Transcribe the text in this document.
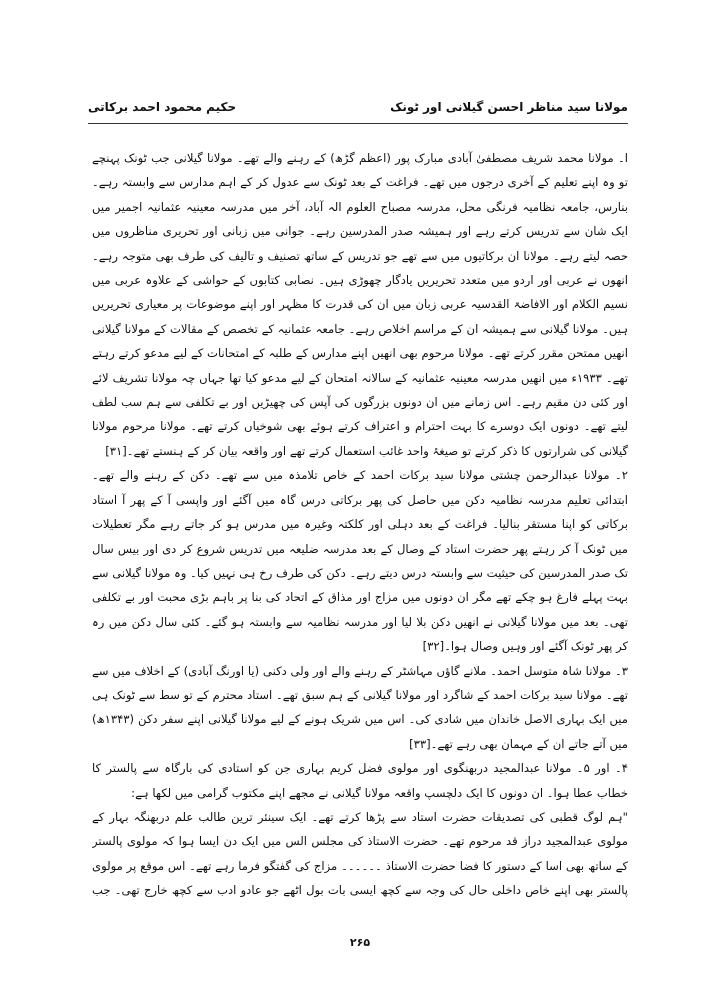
حکیم محمود احمد برکاتی	مولانا سید مناظر احسن گیلانی اور ٹونک

ا۔ مولانا محمد شریف مصطفیٰ آبادی مبارک پور (اعظم گڑھ) کے رہنے والے تھے۔ مولانا گیلانی جب ٹونک پہنچے تو وہ اپنے تعلیم کے آخری درجوں میں تھے۔ فراغت کے بعد ٹونک سے عدول کر کے اہم مدارس سے وابستہ رہے۔ بنارس، جامعہ نظامیہ فرنگی محل، مدرسہ مصباح العلوم الہ آباد، آخر میں مدرسہ معینیہ عثمانیہ اجمیر میں ایک شان سے تدریس کرتے رہے اور ہمیشہ صدر المدرسین رہے۔ جوانی میں زبانی اور تحریری مناظروں میں حصہ لیتے رہے۔ مولانا ان برکاتیوں میں سے تھے جو تدریس کے ساتھ تصنیف و تالیف کی طرف بھی متوجہ رہے۔ انھوں نے عربی اور اردو میں متعدد تحریریں یادگار چھوڑی ہیں۔ نصابی کتابوں کے حواشی کے علاوہ عربی میں نسیم الکلام اور الافاضۃ القدسیہ عربی زبان میں ان کی قدرت کا مظہر اور اپنے موضوعات پر معیاری تحریریں ہیں۔ مولانا گیلانی سے ہمیشہ ان کے مراسم اخلاص رہے۔ جامعہ عثمانیہ کے تخصص کے مقالات کے مولانا گیلانی انھیں ممتحن مقرر کرتے تھے۔ مولانا مرحوم بھی انھیں اپنے مدارس کے طلبہ کے امتحانات کے لیے مدعو کرتے رہتے تھے۔ ۱۹۳۳ء میں انھیں مدرسہ معینیہ عثمانیہ کے سالانہ امتحان کے لیے مدعو کیا تھا جہاں چہ مولانا تشریف لائے اور کئی دن مقیم رہے۔ اس زمانے میں ان دونوں بزرگوں کی آپس کی چھیڑیں اور بے تکلفی سے ہم سب لطف لیتے تھے۔ دونوں ایک دوسرے کا بہت احترام و اعتراف کرتے ہوئے بھی شوخیاں کرتے تھے۔ مولانا مرحوم مولانا گیلانی کی شرارتوں کا ذکر کرتے تو صیغۂ واحد غائب استعمال کرتے تھے اور واقعہ بیان کر کے ہنستے تھے۔[۳۱]

۲۔ مولانا عبدالرحمن چشتی مولانا سید برکات احمد کے خاص تلامذہ میں سے تھے۔ دکن کے رہنے والے تھے۔ ابتدائی تعلیم مدرسہ نظامیہ دکن میں حاصل کی پھر برکاتی درس گاہ میں آگئے اور واپسی آ کے پھر آ استاد برکاتی کو اپنا مستقر بنالیا۔ فراغت کے بعد دہلی اور کلکتہ وغیرہ میں مدرس ہو کر جاتے رہے مگر تعطیلات میں ٹونک آ کر رہتے پھر حضرت استاد کے وصال کے بعد مدرسہ ضلیعہ میں تدریس شروع کر دی اور بیس سال تک صدر المدرسین کی حیثیت سے وابستہ درس دیتے رہے۔ دکن کی طرف رخ ہی نہیں کیا۔ وہ مولانا گیلانی سے بہت پہلے فارغ ہو چکے تھے مگر ان دونوں میں مزاج اور مذاق کے اتحاد کی بنا پر باہم بڑی محبت اور بے تکلفی تھی۔ بعد میں مولانا گیلانی نے انھیں دکن بلا لیا اور مدرسہ نظامیہ سے وابستہ ہو گئے۔ کئی سال دکن میں رہ کر پھر ٹونک آگئے اور وہیں وصال ہوا۔[۳۲]

۳۔ مولانا شاہ متوسل احمد۔ ملانے گاؤں مہاشٹر کے رہنے والے اور ولی دکنی (یا اورنگ آبادی) کے اخلاف میں سے تھے۔ مولانا سید برکات احمد کے شاگرد اور مولانا گیلانی کے ہم سبق تھے۔ استاد محترم کے تو سط سے ٹونک ہی میں ایک بہاری الاصل خاندان میں شادی کی۔ اس میں شریک ہونے کے لیے مولانا گیلانی اپنے سفر دکن (۱۳۴۳ھ) میں آتے جاتے ان کے مہمان بھی رہے تھے۔[۳۳]

۴۔ اور ۵۔ مولانا عبدالمجید دربھنگوی اور مولوی فضل کریم بہاری جن کو استادی کی بارگاہ سے پالستر کا خطاب عطا ہوا۔ ان دونوں کا ایک دلچسپ واقعہ مولانا گیلانی نے مجھے اپنے مکتوب گرامی میں لکھا ہے:

"ہم لوگ قطبی کی تصدیقات حضرت استاد سے پڑھا کرتے تھے۔ ایک سینئر ترین طالب علم دربھنگہ بہار کے مولوی عبدالمجید دراز قد مرحوم تھے۔ حضرت الاستاذ کی مجلس الس میں ایک دن ایسا ہوا کہ مولوی پالستر کے ساتھ بھی اسا کے دستور کا فضا حضرت الاستاذ ۔۔۔۔۔۔ مزاج کی گفتگو فرما رہے تھے۔ اس موقع پر مولوی پالستر بھی اپنے خاص داخلی حال کی وجہ سے کچھ ایسی بات بول اٹھے جو عادو ادب سے کچھ خارج تھی۔ جب

۲۶۵
